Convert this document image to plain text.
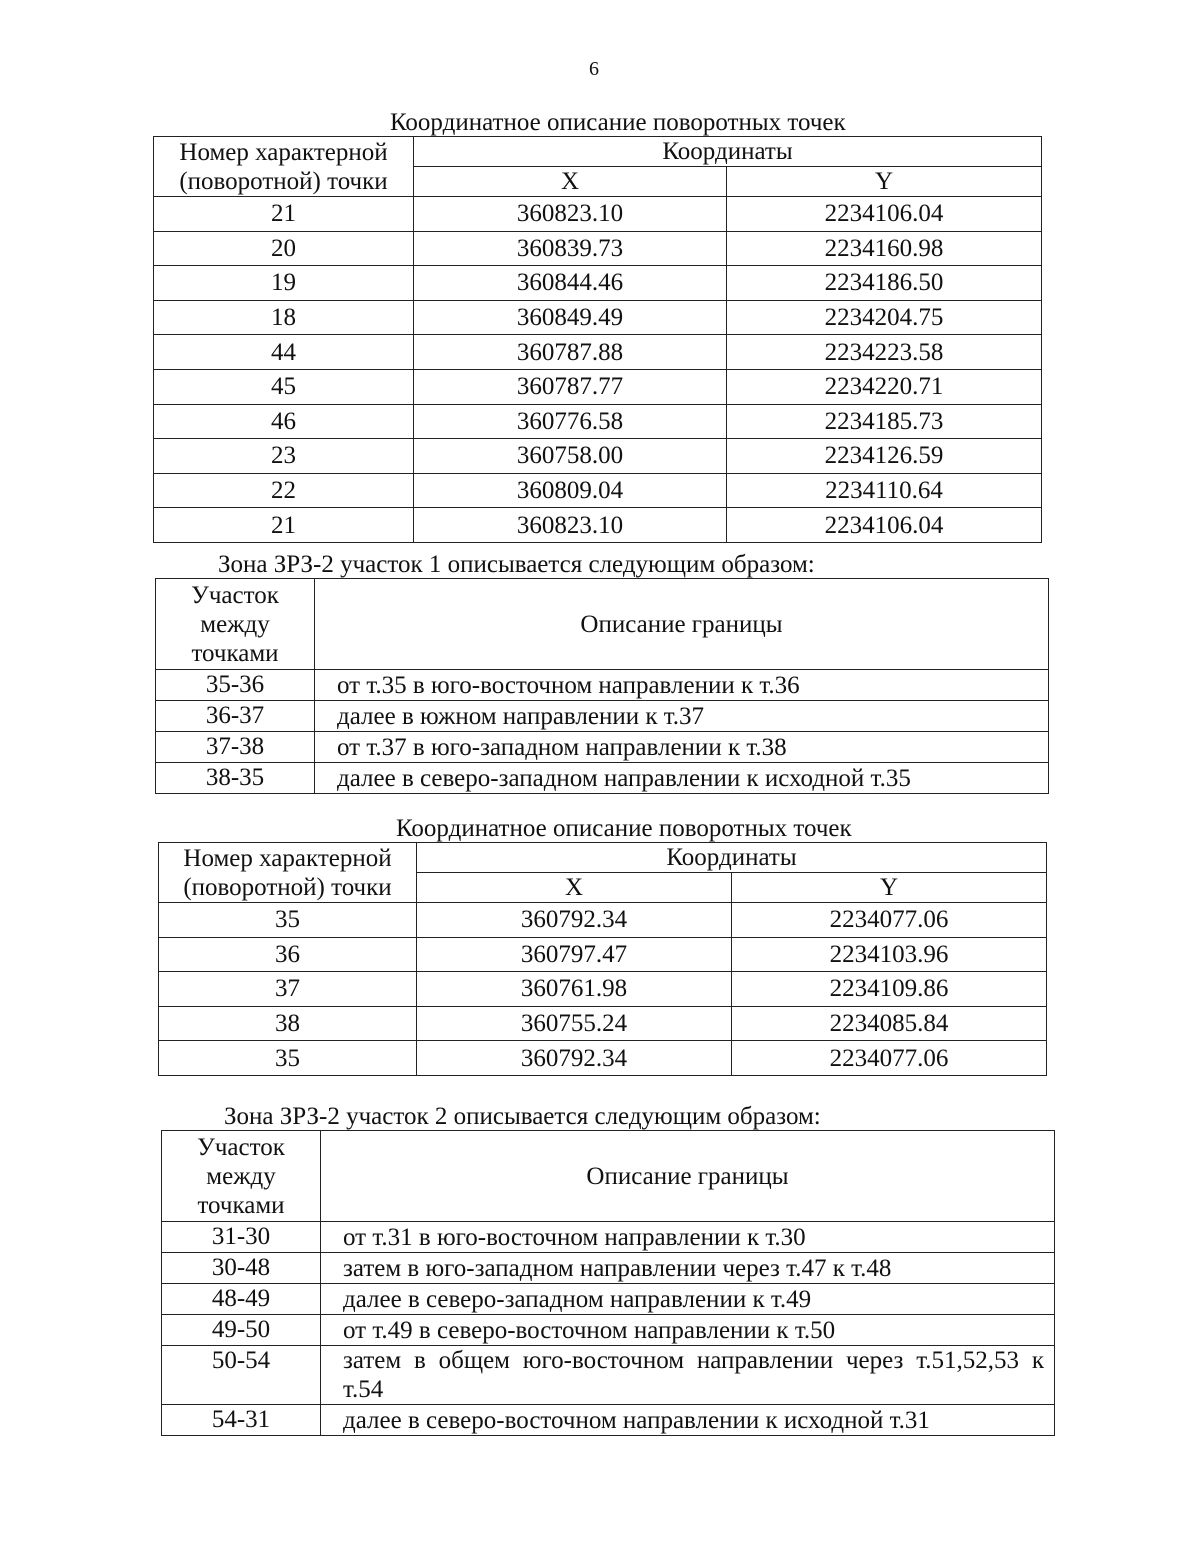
6
Координатное описание поворотных точек
Номер характерной (поворотной) точки	Координаты	
	X	Y
21	360823.10	2234106.04
20	360839.73	2234160.98
19	360844.46	2234186.50
18	360849.49	2234204.75
44	360787.88	2234223.58
45	360787.77	2234220.71
46	360776.58	2234185.73
23	360758.00	2234126.59
22	360809.04	2234110.64
21	360823.10	2234106.04
Зона ЗРЗ-2 участок 1 описывается следующим образом:
Участок между точками	Описание границы
35-36	от т.35 в юго-восточном направлении к т.36
36-37	далее в южном направлении к т.37
37-38	от т.37 в юго-западном направлении к т.38
38-35	далее в северо-западном направлении к исходной т.35
Координатное описание поворотных точек
Номер характерной (поворотной) точки	Координаты	
	X	Y
35	360792.34	2234077.06
36	360797.47	2234103.96
37	360761.98	2234109.86
38	360755.24	2234085.84
35	360792.34	2234077.06
Зона ЗРЗ-2 участок 2 описывается следующим образом:
Участок между точками	Описание границы
31-30	от т.31 в юго-восточном направлении к т.30
30-48	затем в юго-западном направлении через т.47 к т.48
48-49	далее в северо-западном направлении к т.49
49-50	от т.49 в северо-восточном направлении к т.50
50-54	затем в общем юго-восточном направлении через т.51,52,53 к т.54
54-31	далее в северо-восточном направлении к исходной т.31
